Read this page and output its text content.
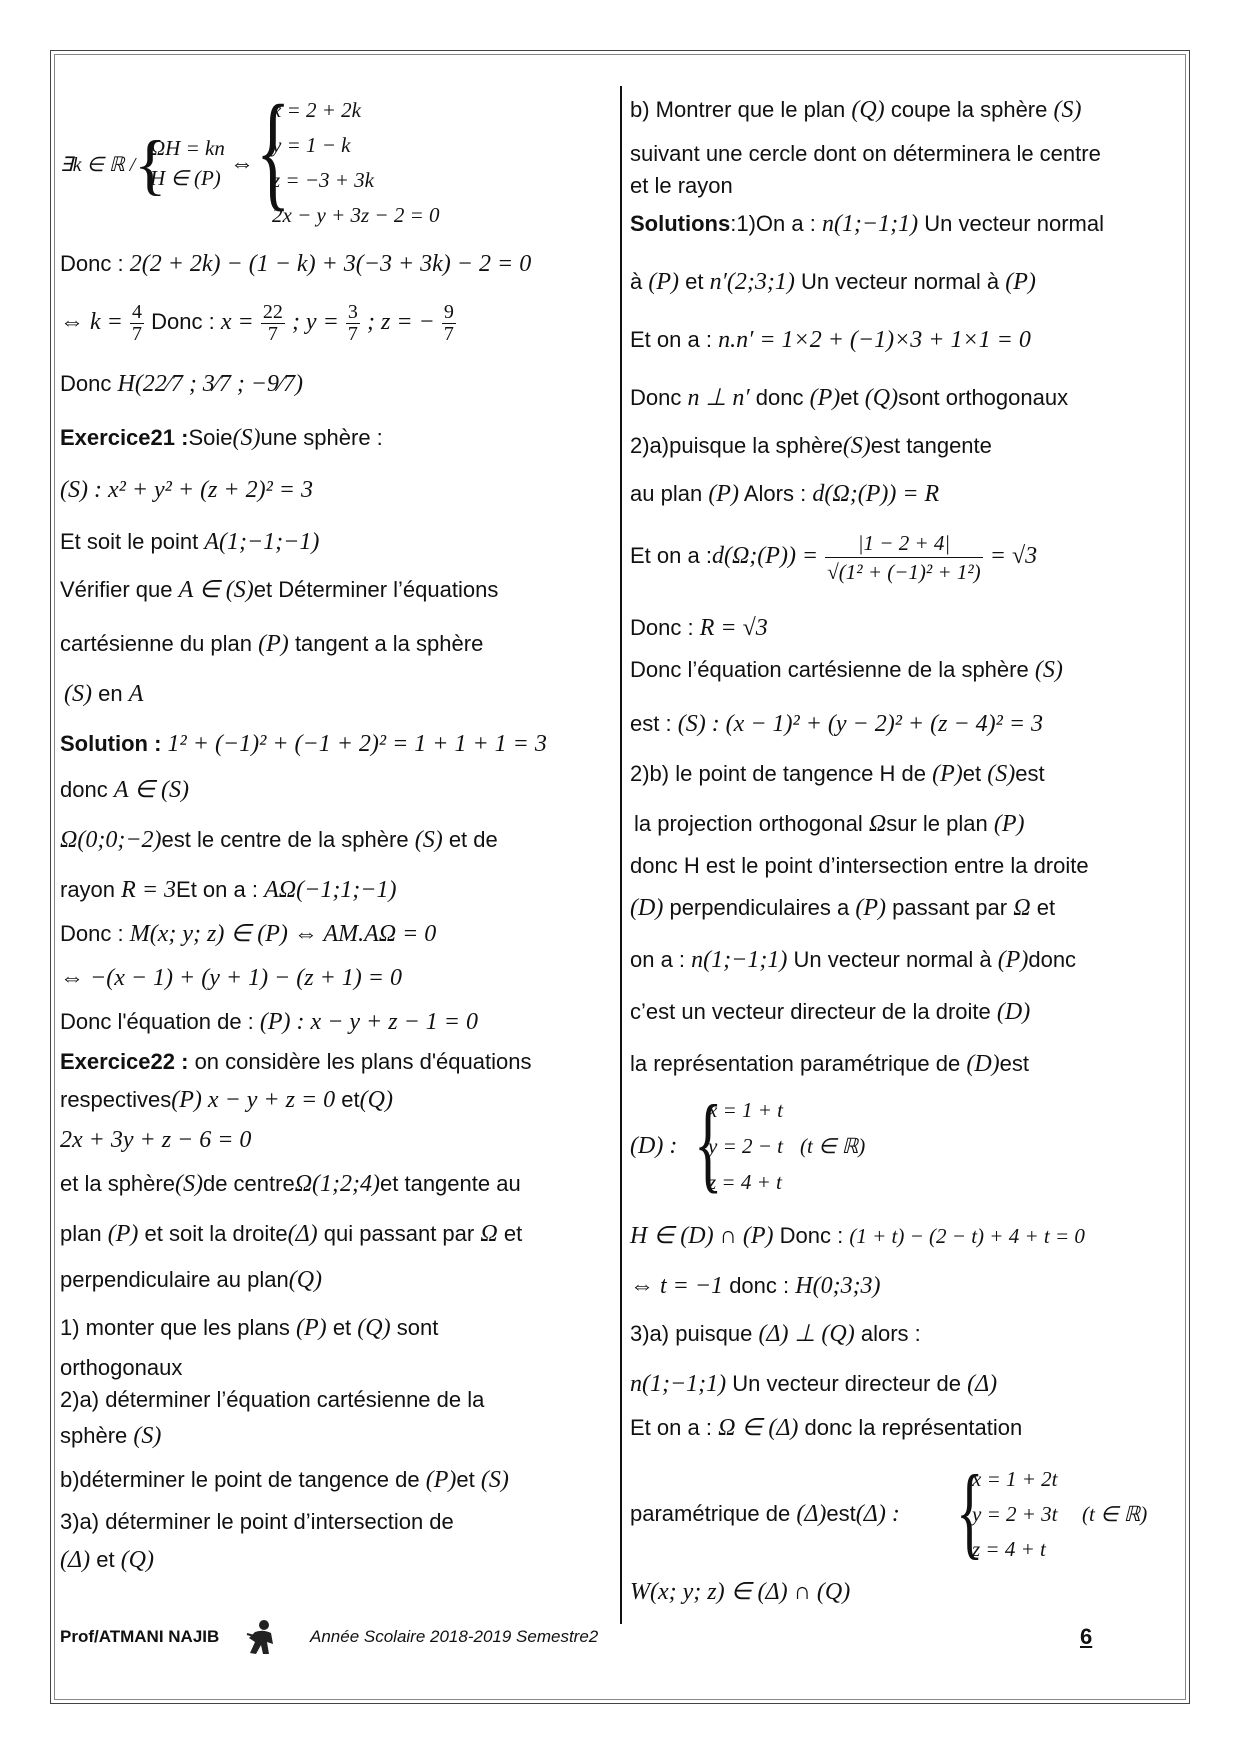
∃k ∈ ℝ /
{
ΩH = kn
H ∈ (P)
⇔ {
x = 2 + 2k
y = 1 − k
z = −3 + 3k
2x − y + 3z − 2 = 0
Donc : 2(2 + 2k) − (1 − k) + 3(−3 + 3k) − 2 = 0
⇔ $k = \frac{4}{7}$ Donc : $x = \frac{22}{7}$ ; $y = \frac{3}{7}$ ; z = − $\frac{9}{7}$
Donc H(22⁄7 ; 3⁄7 ; −9⁄7)
Exercice21 :Soie(S)une sphère :
(S) : x² + y² + (z + 2)² = 3
Et soit le point A(1;−1;−1)
Vérifier que A ∈ (S)et Déterminer l’équations
cartésienne du plan (P) tangent a la sphère
(S) en A
Solution : 1² + (−1)² + (−1 + 2)² = 1 + 1 + 1 = 3
donc A ∈ (S)
Ω(0;0;−2)est le centre de la sphère (S) et de
rayon R = 3Et on a : AΩ(−1;1;−1)
Donc : M(x; y; z) ∈ (P) ⇔ AM.AΩ = 0
⇔ −(x − 1) + (y + 1) − (z + 1) = 0
Donc l'équation de : (P) : x − y + z − 1 = 0
Exercice22 : on considère les plans d'équations
respectives(P) x − y + z = 0 et(Q)
2x + 3y + z − 6 = 0
et la sphère(S)de centreΩ(1;2;4)et tangente au
plan (P) et soit la droite(Δ) qui passant par Ω et
perpendiculaire au plan(Q)
1) monter que les plans (P) et (Q) sont
orthogonaux
2)a) déterminer l’équation cartésienne de la
sphère (S)
b)déterminer le point de tangence de (P)et (S)
3)a) déterminer le point d’intersection de
(Δ) et (Q)
b) Montrer que le plan (Q) coupe la sphère (S)
suivant une cercle dont on déterminera le centre
et le rayon
Solutions:1)On a : n(1;−1;1) Un vecteur normal
à (P) et n′(2;3;1) Un vecteur normal à (P)
Et on a : n.n′ = 1×2 + (−1)×3 + 1×1 = 0
Donc n ⊥ n′ donc (P)et (Q)sont orthogonaux
2)a)puisque la sphère(S)est tangente
au plan (P) Alors : d(Ω;(P)) = R
Et on a :d(Ω;(P)) = $\frac{|1 - 2 + 4|}{\text{√(1² + (−1)² + 1²)}} = √3$
Donc : R = √3
Donc l’équation cartésienne de la sphère (S)
est : (S) : (x − 1)² + (y − 2)² + (z − 4)² = 3
2)b) le point de tangence H de (P)et (S)est
la projection orthogonal Ωsur le plan (P)
donc H est le point d’intersection entre la droite
(D) perpendiculaires a (P) passant par Ω et
on a : n(1;−1;1) Un vecteur normal à (P)donc
c’est un vecteur directeur de la droite (D)
la représentation paramétrique de (D)est
(D) : {
x = 1 + t
y = 2 − t
z = 4 + t
(t ∈ ℝ)
H ∈ (D) ∩ (P) Donc : (1 + t) − (2 − t) + 4 + t = 0
⇔ t = −1 donc : H(0;3;3)
3)a) puisque (Δ) ⊥ (Q) alors :
n(1;−1;1) Un vecteur directeur de (Δ)
Et on a : Ω ∈ (Δ) donc la représentation
paramétrique de (Δ)est(Δ) : {
x = 1 + 2t
y = 2 + 3t
z = 4 + t
(t ∈ ℝ)
W(x; y; z) ∈ (Δ) ∩ (Q)
Prof/ATMANI NAJIB	Année Scolaire 2018-2019 Semestre2	6
